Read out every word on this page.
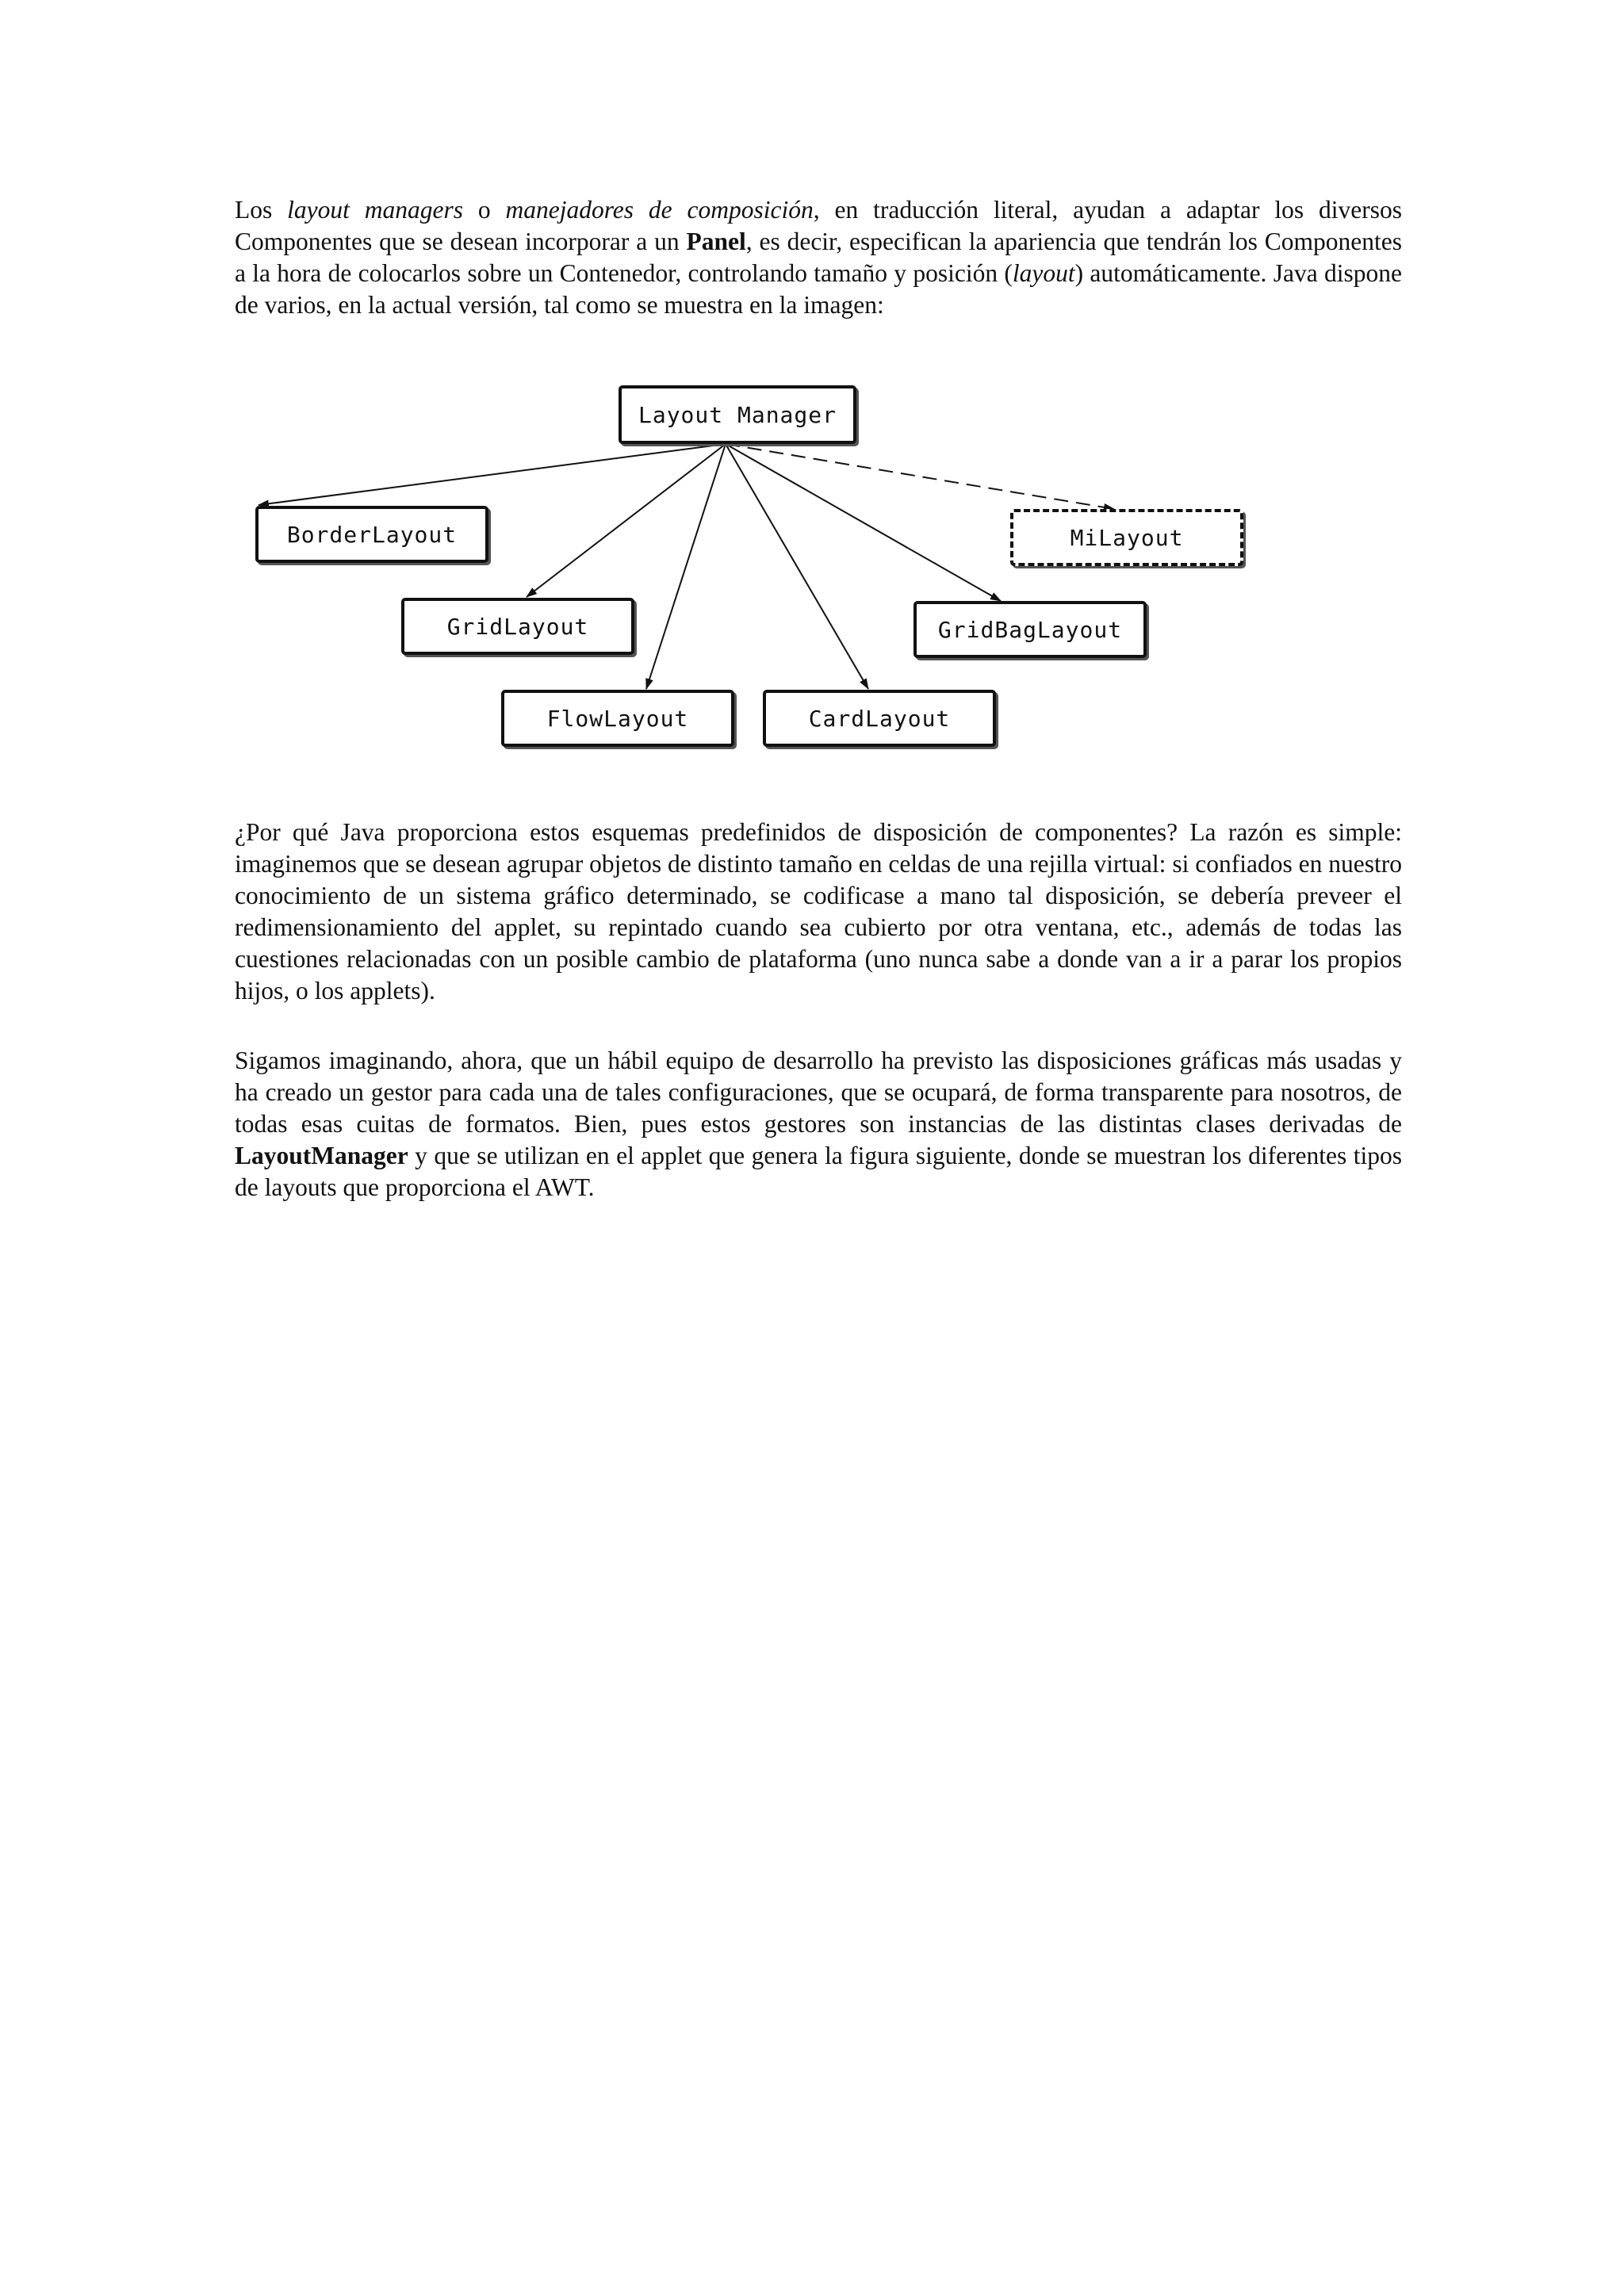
Los layout managers o manejadores de composición, en traducción literal, ayudan a adaptar los diversos Componentes que se desean incorporar a un Panel, es decir, especifican la apariencia que tendrán los Componentes a la hora de colocarlos sobre un Contenedor, controlando tamaño y posición (layout) automáticamente. Java dispone de varios, en la actual versión, tal como se muestra en la imagen:

Layout Manager
BorderLayout
GridLayout
FlowLayout	CardLayout
GridBagLayout
MiLayout

¿Por qué Java proporciona estos esquemas predefinidos de disposición de componentes? La razón es simple: imaginemos que se desean agrupar objetos de distinto tamaño en celdas de una rejilla virtual: si confiados en nuestro conocimiento de un sistema gráfico determinado, se codificase a mano tal disposición, se debería preveer el redimensionamiento del applet, su repintado cuando sea cubierto por otra ventana, etc., además de todas las cuestiones relacionadas con un posible cambio de plataforma (uno nunca sabe a donde van a ir a parar los propios hijos, o los applets).

Sigamos imaginando, ahora, que un hábil equipo de desarrollo ha previsto las disposiciones gráficas más usadas y ha creado un gestor para cada una de tales configuraciones, que se ocupará, de forma transparente para nosotros, de todas esas cuitas de formatos. Bien, pues estos gestores son instancias de las distintas clases derivadas de LayoutManager y que se utilizan en el applet que genera la figura siguiente, donde se muestran los diferentes tipos de layouts que proporciona el AWT.
